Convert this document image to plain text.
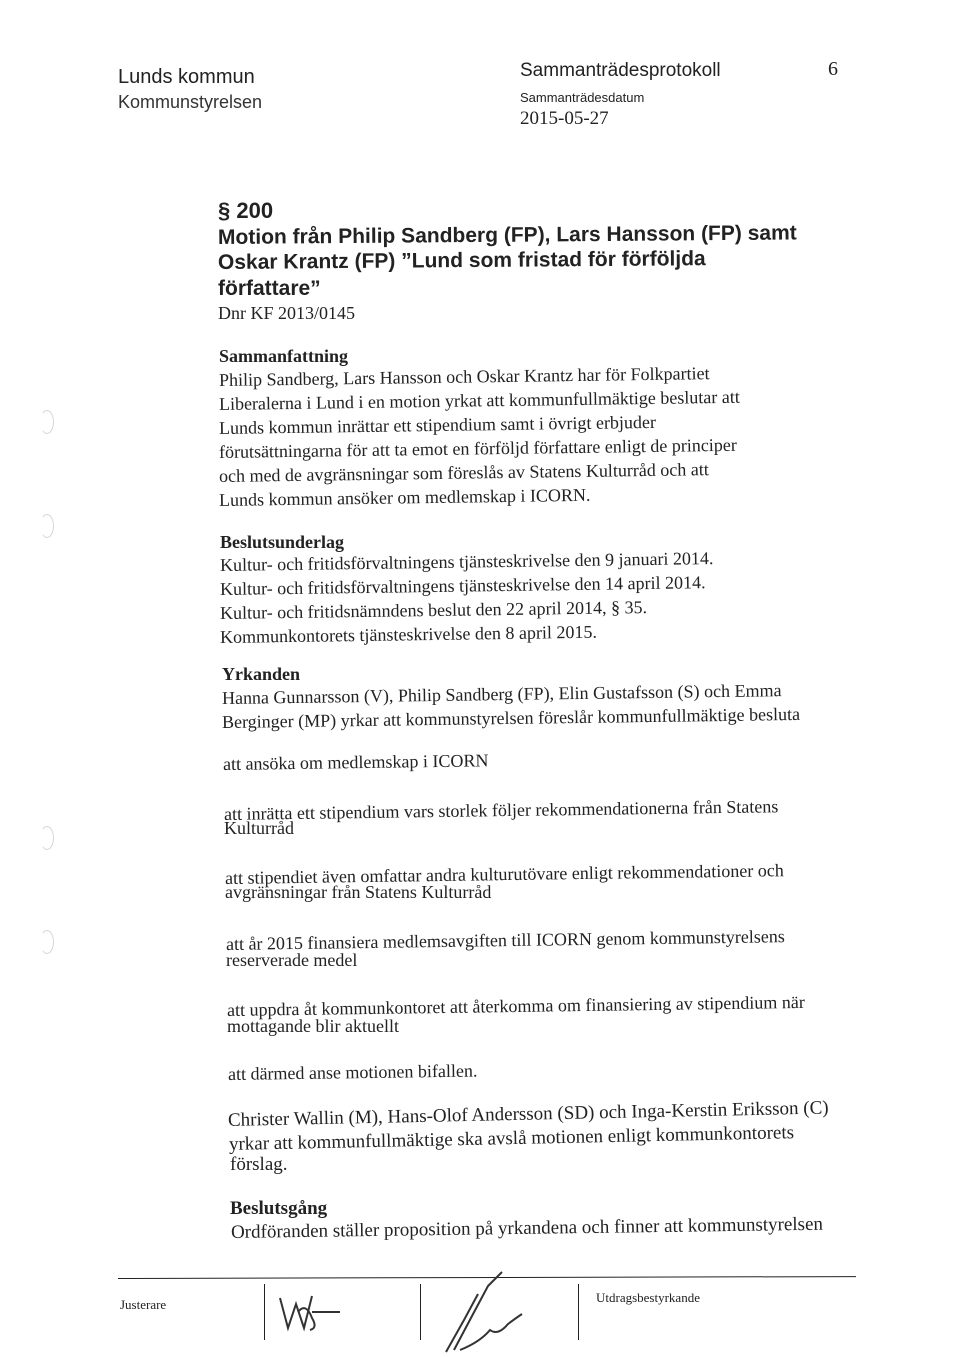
Lunds kommun
Kommunstyrelsen
Sammanträdesprotokoll
Sammanträdesdatum
2015-05-27
6
§ 200
Motion från Philip Sandberg (FP), Lars Hansson (FP) samt
Oskar Krantz (FP) ”Lund som fristad för förföljda
författare”
Dnr KF 2013/0145
Sammanfattning
Philip Sandberg, Lars Hansson och Oskar Krantz har för Folkpartiet
Liberalerna i Lund i en motion yrkat att kommunfullmäktige beslutar att
Lunds kommun inrättar ett stipendium samt i övrigt erbjuder
förutsättningarna för att ta emot en förföljd författare enligt de principer
och med de avgränsningar som föreslås av Statens Kulturråd och att
Lunds kommun ansöker om medlemskap i ICORN.
Beslutsunderlag
Kultur- och fritidsförvaltningens tjänsteskrivelse den 9 januari 2014.
Kultur- och fritidsförvaltningens tjänsteskrivelse den 14 april 2014.
Kultur- och fritidsnämndens beslut den 22 april 2014, § 35.
Kommunkontorets tjänsteskrivelse den 8 april 2015.
Yrkanden
Hanna Gunnarsson (V), Philip Sandberg (FP), Elin Gustafsson (S) och Emma
Berginger (MP) yrkar att kommunstyrelsen föreslår kommunfullmäktige besluta
att ansöka om medlemskap i ICORN
att inrätta ett stipendium vars storlek följer rekommendationerna från Statens
Kulturråd
att stipendiet även omfattar andra kulturutövare enligt rekommendationer och
avgränsningar från Statens Kulturråd
att år 2015 finansiera medlemsavgiften till ICORN genom kommunstyrelsens
reserverade medel
att uppdra åt kommunkontoret att återkomma om finansiering av stipendium när
mottagande blir aktuellt
att därmed anse motionen bifallen.
Christer Wallin (M), Hans-Olof Andersson (SD) och Inga-Kerstin Eriksson (C)
yrkar att kommunfullmäktige ska avslå motionen enligt kommunkontorets
förslag.
Beslutsgång
Ordföranden ställer proposition på yrkandena och finner att kommunstyrelsen
Justerare	Utdragsbestyrkande
